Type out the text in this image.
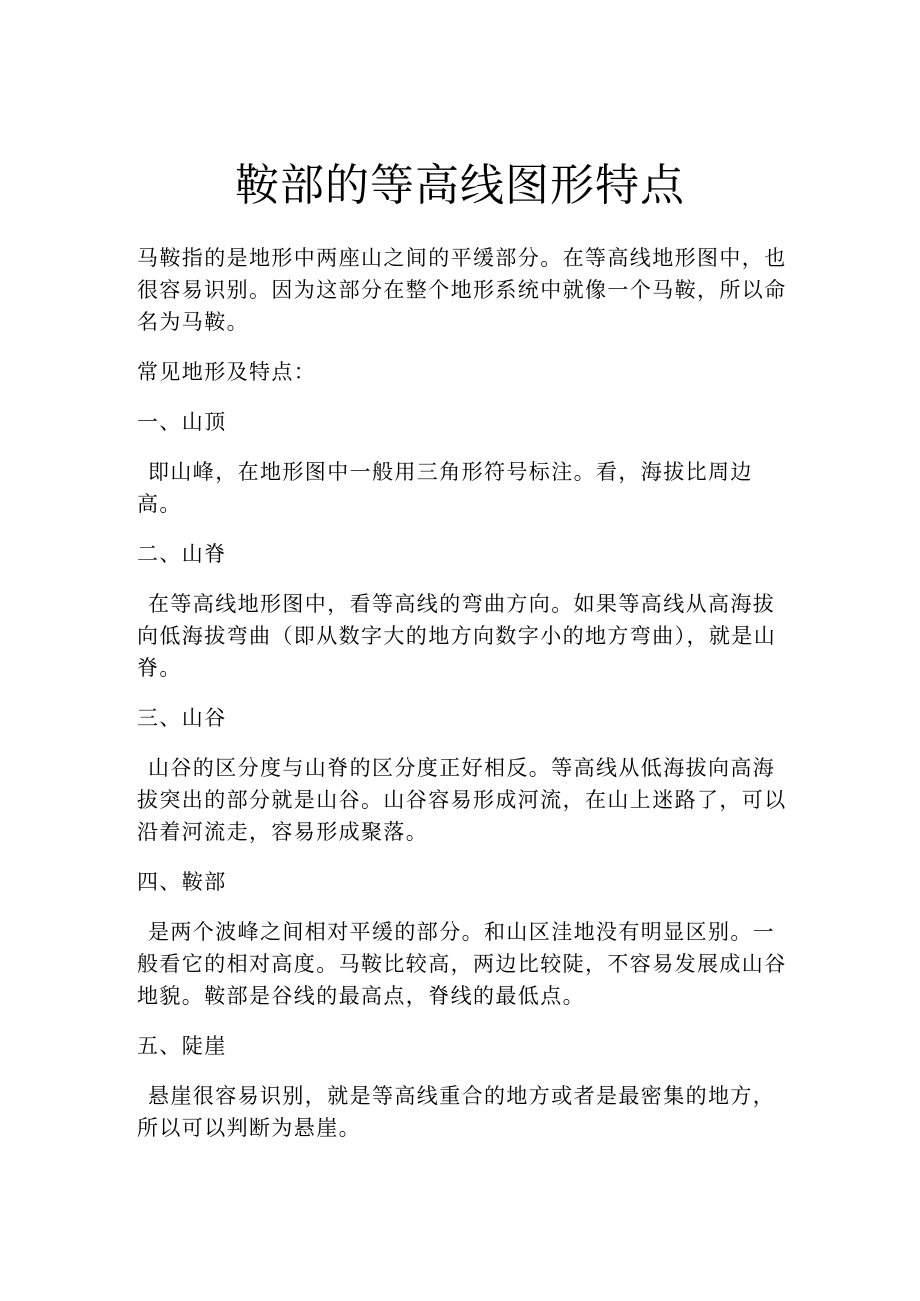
鞍部的等高线图形特点

马鞍指的是地形中两座山之间的平缓部分。在等高线地形图中，也很容易识别。因为这部分在整个地形系统中就像一个马鞍，所以命名为马鞍。

常见地形及特点：

一、山顶

即山峰，在地形图中一般用三角形符号标注。看，海拔比周边高。

二、山脊

在等高线地形图中，看等高线的弯曲方向。如果等高线从高海拔向低海拔弯曲（即从数字大的地方向数字小的地方弯曲），就是山脊。

三、山谷

山谷的区分度与山脊的区分度正好相反。等高线从低海拔向高海拔突出的部分就是山谷。山谷容易形成河流，在山上迷路了，可以沿着河流走，容易形成聚落。

四、鞍部

是两个波峰之间相对平缓的部分。和山区洼地没有明显区别。一般看它的相对高度。马鞍比较高，两边比较陡，不容易发展成山谷地貌。鞍部是谷线的最高点，脊线的最低点。

五、陡崖

悬崖很容易识别，就是等高线重合的地方或者是最密集的地方，所以可以判断为悬崖。
